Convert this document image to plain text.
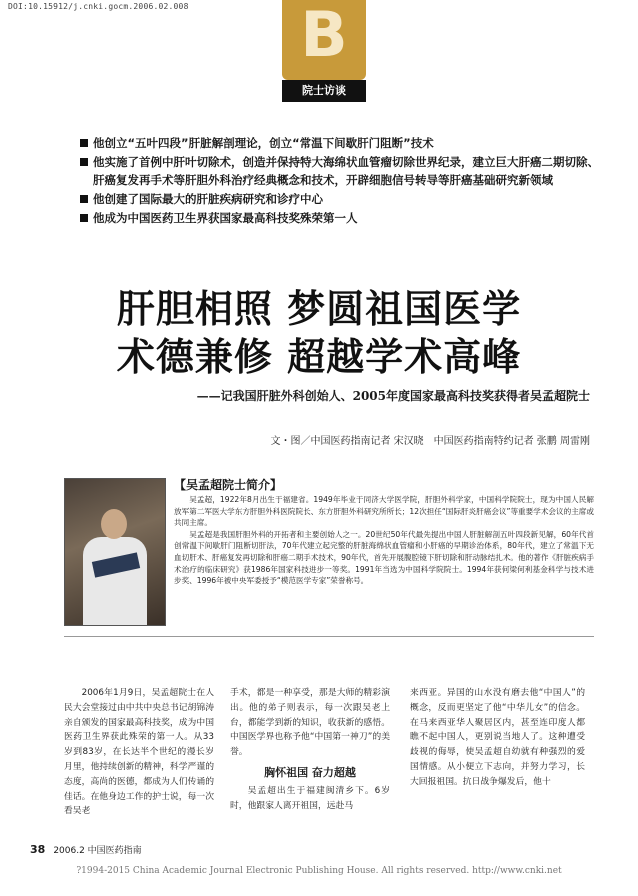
DOI:10.15912/j.cnki.gocm.2006.02.008 B
院士访谈
他创立“五叶四段”肝脏解剖理论，创立“常温下间歇肝门阻断”技术
他实施了首例中肝叶切除术，创造并保持特大海绵状血管瘤切除世界纪录，建立巨大肝癌二期切除、肝癌复发再手术等肝胆外科治疗经典概念和技术，开辟细胞信号转导等肝癌基础研究新领域
他创建了国际最大的肝脏疾病研究和诊疗中心
他成为中国医药卫生界获国家最高科技奖殊荣第一人
肝胆相照 梦圆祖国医学
术德兼修 超越学术高峰
——记我国肝脏外科创始人、2005年度国家最高科技奖获得者吴孟超院士
文・图／中国医药指南记者 宋汉晓　中国医药指南特约记者 张鹏 周雷刚
【吴孟超院士简介】

吴孟超，1922年8月出生于福建省。1949年毕业于同济大学医学院，肝胆外科学家，中国科学院院士，现为中国人民解放军第二军医大学东方肝胆外科医院院长、东方肝胆外科研究所所长；12次担任“国际肝炎肝癌会议”等重要学术会议的主席或共同主席。

吴孟超是我国肝胆外科的开拓者和主要创始人之一。20世纪50年代最先提出中国人肝脏解剖五叶四段新见解，60年代首创常温下间歇肝门阻断切肝法，70年代建立起完整的肝脏海绵状血管瘤和小肝癌的早期诊治体系，80年代，建立了常温下无血切肝术、肝癌复发再切除和肝癌二期手术技术，90年代，首先开展腹腔镜下肝切除和肝动脉结扎术。他的著作《肝脏疾病手术治疗的临床研究》获1986年国家科技进步一等奖。1991年当选为中国科学院院士。1994年获何梁何利基金科学与技术进步奖、1996年被中央军委授予“模范医学专家”荣誉称号。

2006年1月9日，吴孟超院士在人民大会堂接过由中共中央总书记胡锦涛亲自颁发的国家最高科技奖，成为中国医药卫生界获此殊荣的第一人。从33岁到83岁，在长达半个世纪的漫长岁月里，他持续创新的精神，科学严谨的态度，高尚的医德，都成为人们传诵的佳话。在他身边工作的护士说，每一次看吴老

手术，都是一种享受，那是大师的精彩演出。他的弟子则表示，每一次跟吴老上台，都能学到新的知识，收获新的感悟。中国医学界也称予他“中国第一神刀”的美誉。

胸怀祖国 奋力超越

吴孟超出生于福建闽清乡下。6岁时，他跟家人离开祖国，远赴马

来西亚。异国的山水没有磨去他“中国人”的概念，反而更坚定了他“中华儿女”的信念。在马来西亚华人聚居区内，甚至连印度人都瞧不起中国人，更别说当地人了。这种遭受歧视的侮辱，使吴孟超自幼就有种强烈的爱国情感。从小便立下志向，并努力学习，长大回报祖国。抗日战争爆发后，他十

38 2006.2 中国医药指南
?1994-2015 China Academic Journal Electronic Publishing House. All rights reserved. http://www.cnki.net
